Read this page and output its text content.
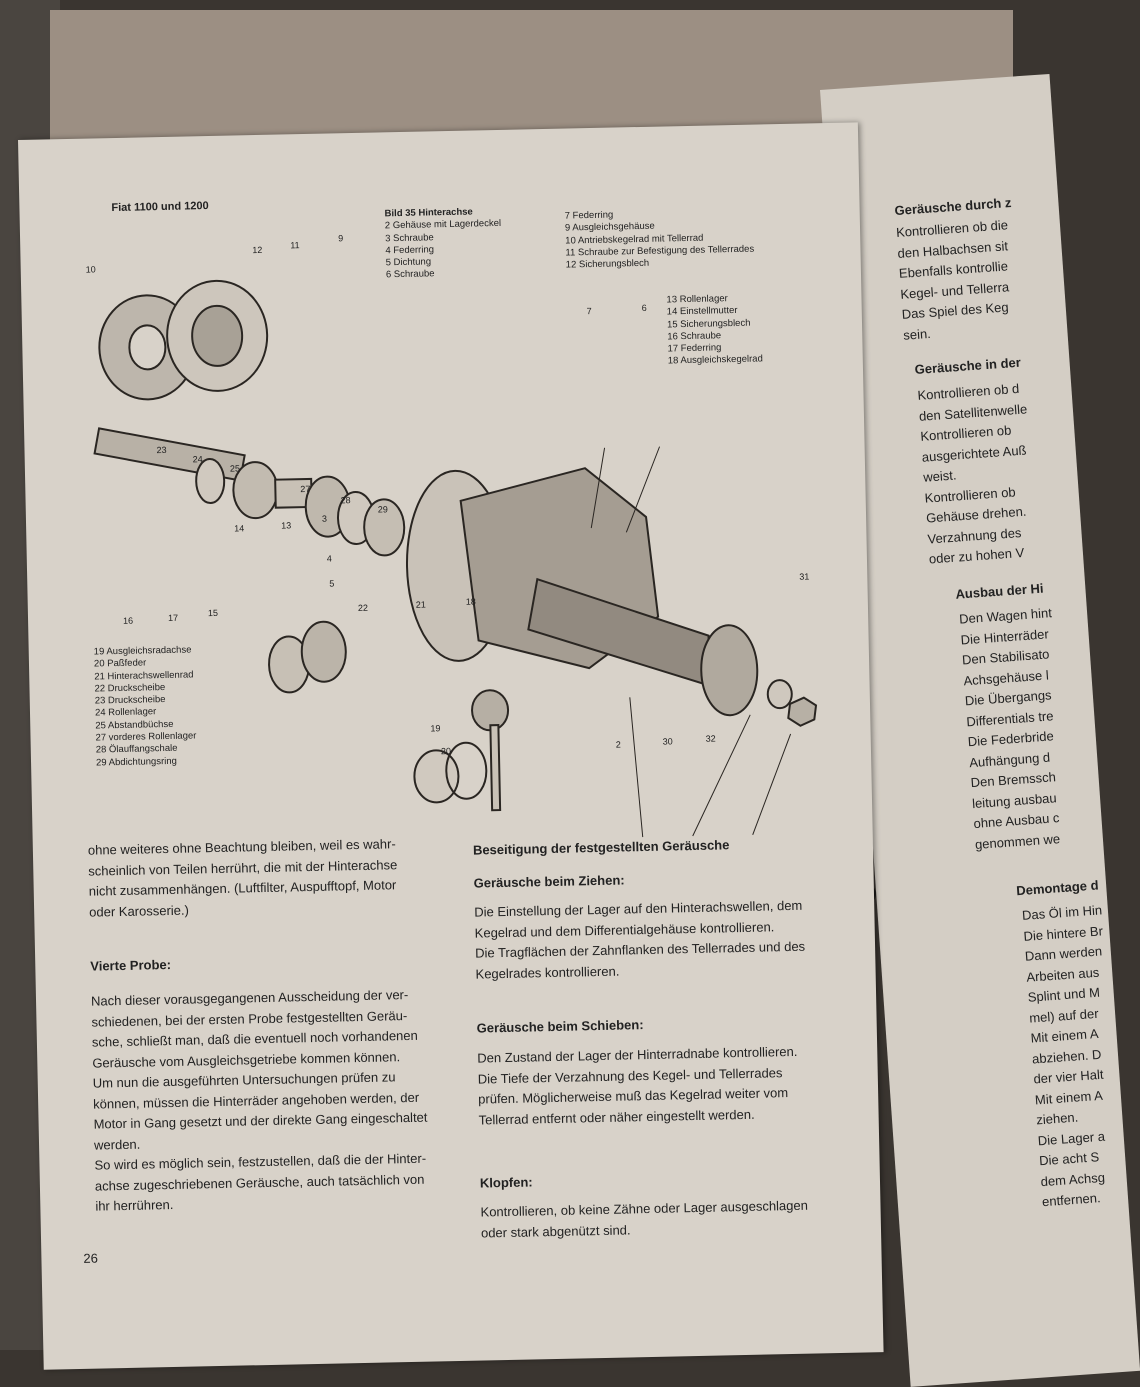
Geräusche durch z
Kontrollieren ob die
den Halbachsen sit
Ebenfalls kontrollie
Kegel- und Tellerra
Das Spiel des Keg
sein.
Geräusche in der
Kontrollieren ob d
den Satellitenwelle
Kontrollieren ob
ausgerichtete Auß
weist.
Kontrollieren ob
Gehäuse drehen.
Verzahnung des
oder zu hohen V
Ausbau der Hi
Den Wagen hint
Die Hinterräder
Den Stabilisato
Achsgehäuse l
Die Übergangs
Differentials tre
Die Federbride
Aufhängung d
Den Bremssch
leitung ausbau
ohne Ausbau c
genommen we
Demontage d
Das Öl im Hin
Die hintere Br
Dann werden
Arbeiten aus
Splint und M
mel) auf der
Mit einem A
abziehen. D
der vier Halt
Mit einem A
ziehen.
Die Lager a
Die acht S
dem Achsg
entfernen.
Fiat 1100 und 1200	Bild 35 Hinterachse
2 Gehäuse mit Lagerdeckel
3 Schraube
4 Federring
5 Dichtung
6 Schraube
7 Federring
9 Ausgleichsgehäuse
10 Antriebskegelrad mit Tellerrad
11 Schraube zur Befestigung des Tellerrades
12 Sicherungsblech
13 Rollenlager
14 Einstellmutter
15 Sicherungsblech
16 Schraube
17 Federring
18 Ausgleichskegelrad
19 Ausgleichsradachse
20 Paßfeder
21 Hinterachswellenrad
22 Druckscheibe
23 Druckscheibe
24 Rollenlager
25 Abstandbüchse
27 vorderes Rollenlager
28 Ölauffangschale
29 Abdichtungsring
10
12	11
9
23
24
25
27
28
29
14	13
3
4
5
7	6
16	17	15
22	21	18
19
20
2	30	32
31
ohne weiteres ohne Beachtung bleiben, weil es wahr-
scheinlich von Teilen herrührt, die mit der Hinterachse
nicht zusammenhängen. (Luftfilter, Auspufftopf, Motor
oder Karosserie.)
Vierte Probe:
Nach dieser vorausgegangenen Ausscheidung der ver-
schiedenen, bei der ersten Probe festgestellten Geräu-
sche, schließt man, daß die eventuell noch vorhandenen
Geräusche vom Ausgleichsgetriebe kommen können.
Um nun die ausgeführten Untersuchungen prüfen zu
können, müssen die Hinterräder angehoben werden, der
Motor in Gang gesetzt und der direkte Gang eingeschaltet
werden.
So wird es möglich sein, festzustellen, daß die der Hinter-
achse zugeschriebenen Geräusche, auch tatsächlich von
ihr herrühren.
26
Beseitigung der festgestellten Geräusche
Geräusche beim Ziehen:
Die Einstellung der Lager auf den Hinterachswellen, dem
Kegelrad und dem Differentialgehäuse kontrollieren.
Die Tragflächen der Zahnflanken des Tellerrades und des
Kegelrades kontrollieren.
Geräusche beim Schieben:
Den Zustand der Lager der Hinterradnabe kontrollieren.
Die Tiefe der Verzahnung des Kegel- und Tellerrades
prüfen. Möglicherweise muß das Kegelrad weiter vom
Tellerrad entfernt oder näher eingestellt werden.
Klopfen:
Kontrollieren, ob keine Zähne oder Lager ausgeschlagen
oder stark abgenützt sind.
